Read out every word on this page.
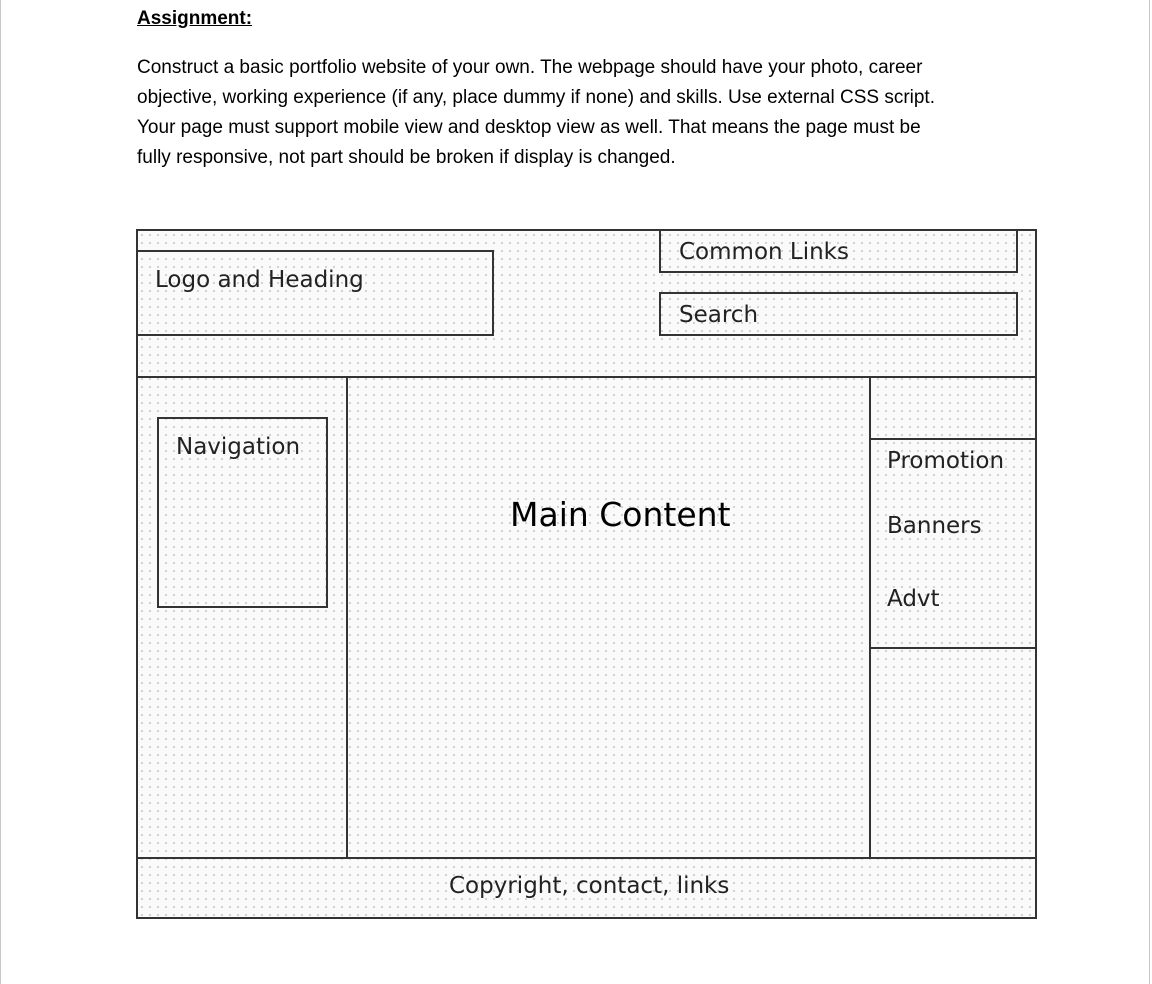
Assignment:
Construct a basic portfolio website of your own. The webpage should have your photo, career
objective, working experience (if any, place dummy if none) and skills. Use external CSS script.
Your page must support mobile view and desktop view as well. That means the page must be
fully responsive, not part should be broken if display is changed.
Logo and Heading
Common Links
Search
Navigation
Main Content
Promotion
Banners
Advt
Copyright, contact, links
